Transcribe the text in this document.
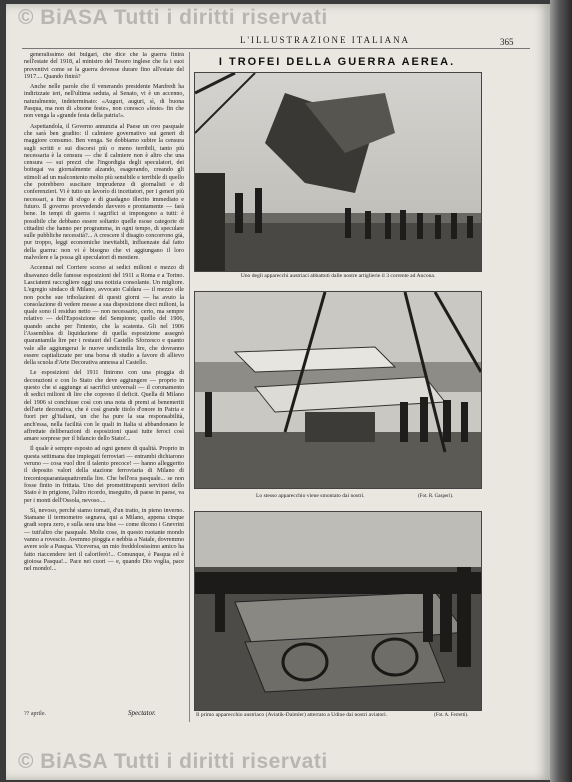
© BiASA Tutti i diritti riservati
L'ILLUSTRAZIONE ITALIANA	365

generalissimo dei bulgari, che dice che la guerra finirà nell'estate del 1918, al ministro del Tesoro inglese che fa i suoi preventivi come se la guerra dovesse durare fino all'estate del 1917.... Quando finirà?

Anche nelle parole che il venerando presidente Manfredi ha indirizzate ieri, nell'ultima seduta, al Senato, vi è un accenno, naturalmente, indeterminato: «Auguri, auguri, sì, di buona Pasqua, ma non di «buone feste», non conosco «feste» fin che non venga la «grande festa della patria!».

Aspettandola, il Governo annunzia al Paese un ovo pasquale che sarà ben gradito: il calmiere governativo sui generi di maggiore consumo. Ben venga. Se dobbiamo subire la censura sugli scritti e sui discorsi più o meno terribili, tanto più necessaria è la censura — che il calmiere non è altro che una censura — sui prezzi che l'ingordigia degli speculatori, dei bottegai va giornalmente alzando, esagerando, creando gli stimoli ad un malcontento molto più sensibile e terribile di quello che potrebbero suscitare imprudenze di giornalisti e di conferenzieri. Vi è tutto un lavorìo di incettatori, per i generi più necessari, a fine di sfogo e di guadagno illecito immediato e futuro. Il governo provvedendo davvero e prontamente — farà bene. In tempi di guerra i sagrifici si impongono a tutti: è possibile che debbano essere soltanto quelle esose categorie di cittadini che hanno per programma, in ogni tempo, di speculare sulle pubbliche necessità?... A crescere il disagio concorrono già, pur troppo, leggi economiche inevitabili, influenzate dal fatto della guerra: non vi è bisogno che vi aggiungano il loro malvolere e la possa gli speculatori di mestiere.

Accennai nel Corriere scorso ai sedici milioni e mezzo di disavanzo delle famose esposizioni del 1911 a Roma e a Torino. Lasciatemi raccogliere oggi una notizia consolante. Un migliore. L'egregio sindaco di Milano, avvocato Caldara — il mezzo elle non poche sue tribolazioni di questi giorni — ha avuto la consolazione di vedere messe a sua disposizione dieci milioni, la quale sono il residuo netto — non necessario, certo, ma sempre relativo — dell'Esposizione del Sempione; quello del 1906, quando anche per l'intento, che la scatenta. Gli nel 1906 l'Assemblea di liquidazione di quella esposizione assegnò quarantamila lire per i restauri del Castello Sforzesco e quanto vale alle aggiungerai le nuove undicimila lire, che dovranno essere capitalizzate per una borsa di studio a favore di allievo della scuola d'Arte Decorativa annessa al Castello.

Le esposizioni del 1911 finirono con una pioggia di decorazioni e con lo Stato che deve aggiungere — proprio in questo che si aggiunge ai sacrifici universali — il coronamento di sedici milioni di lire che coprono il deficit. Quella di Milano del 1906 si conchiuse così con una nota di premi ai benemeriti dell'arte decorativa, che è così grande titolo d'onore in Patria e fuori per gl'italiani, un che ha pure la sua responsabilità, anch'essa, nella facilità con le quali in Italia si abbandonano le affrettate deliberazioni di esposizioni quasi tutte feroci così amare sorprese per il bilancio dello Stato!...

Il quale è sempre esposto ad ogni genere di qualità. Proprio in questa settimana due impiegati ferroviari — entrambi dichiarono veruno — cosa vuol dire il talento precoce! — hanno alleggerito il deposito valori della stazione ferroviaria di Milano di trecentoquarantaquattromila lire. Che bell'ora pasquale... se non fosse finito in frittata. Uno dei promettitrapunti servitori dello Stato è in prigione, l'altro ricordo, inseguito, di paese in paese, va per i monti dell'Ossola, nevoso....

Sì, nevoso, perché siamo tornati, d'un tratto, in pieno inverno. Stamane il termometro segnava, qui a Milano, appena cinque gradi sopra zero, e sulla sera una bise — come dicono i Gnevrini — tutt'altro che pasquale. Molte cose, in questo ruotante mondo vanno a rovescio. Avemmo pioggia e nebbia a Natale, dovremmo avere sole a Pasqua. Viceversa, un mio freddolosissimo amico ha fatto riaccendere ieri il caloriferò!... Comunque, è Pasqua ed è gioiosa Pasqua!... Pace nei cuori — e, quando Dio voglia, pace nel mondo!...

?? aprile.	Spectator.
I TROFEI DELLA GUERRA AEREA.
Uno degli apparecchi austriaci abbattuti dalle nostre artiglierie il 3 corrente ad Ancona.
Lo stesso apparecchio viene smontato dai nostri.	(Fot. R. Gasperi).
Il primo apparecchio austriaco (Aviatik-Daimler) atterrato a Udine dai nostri aviatori.	(Fot. A. Ferretti).
© BiASA Tutti i diritti riservati
